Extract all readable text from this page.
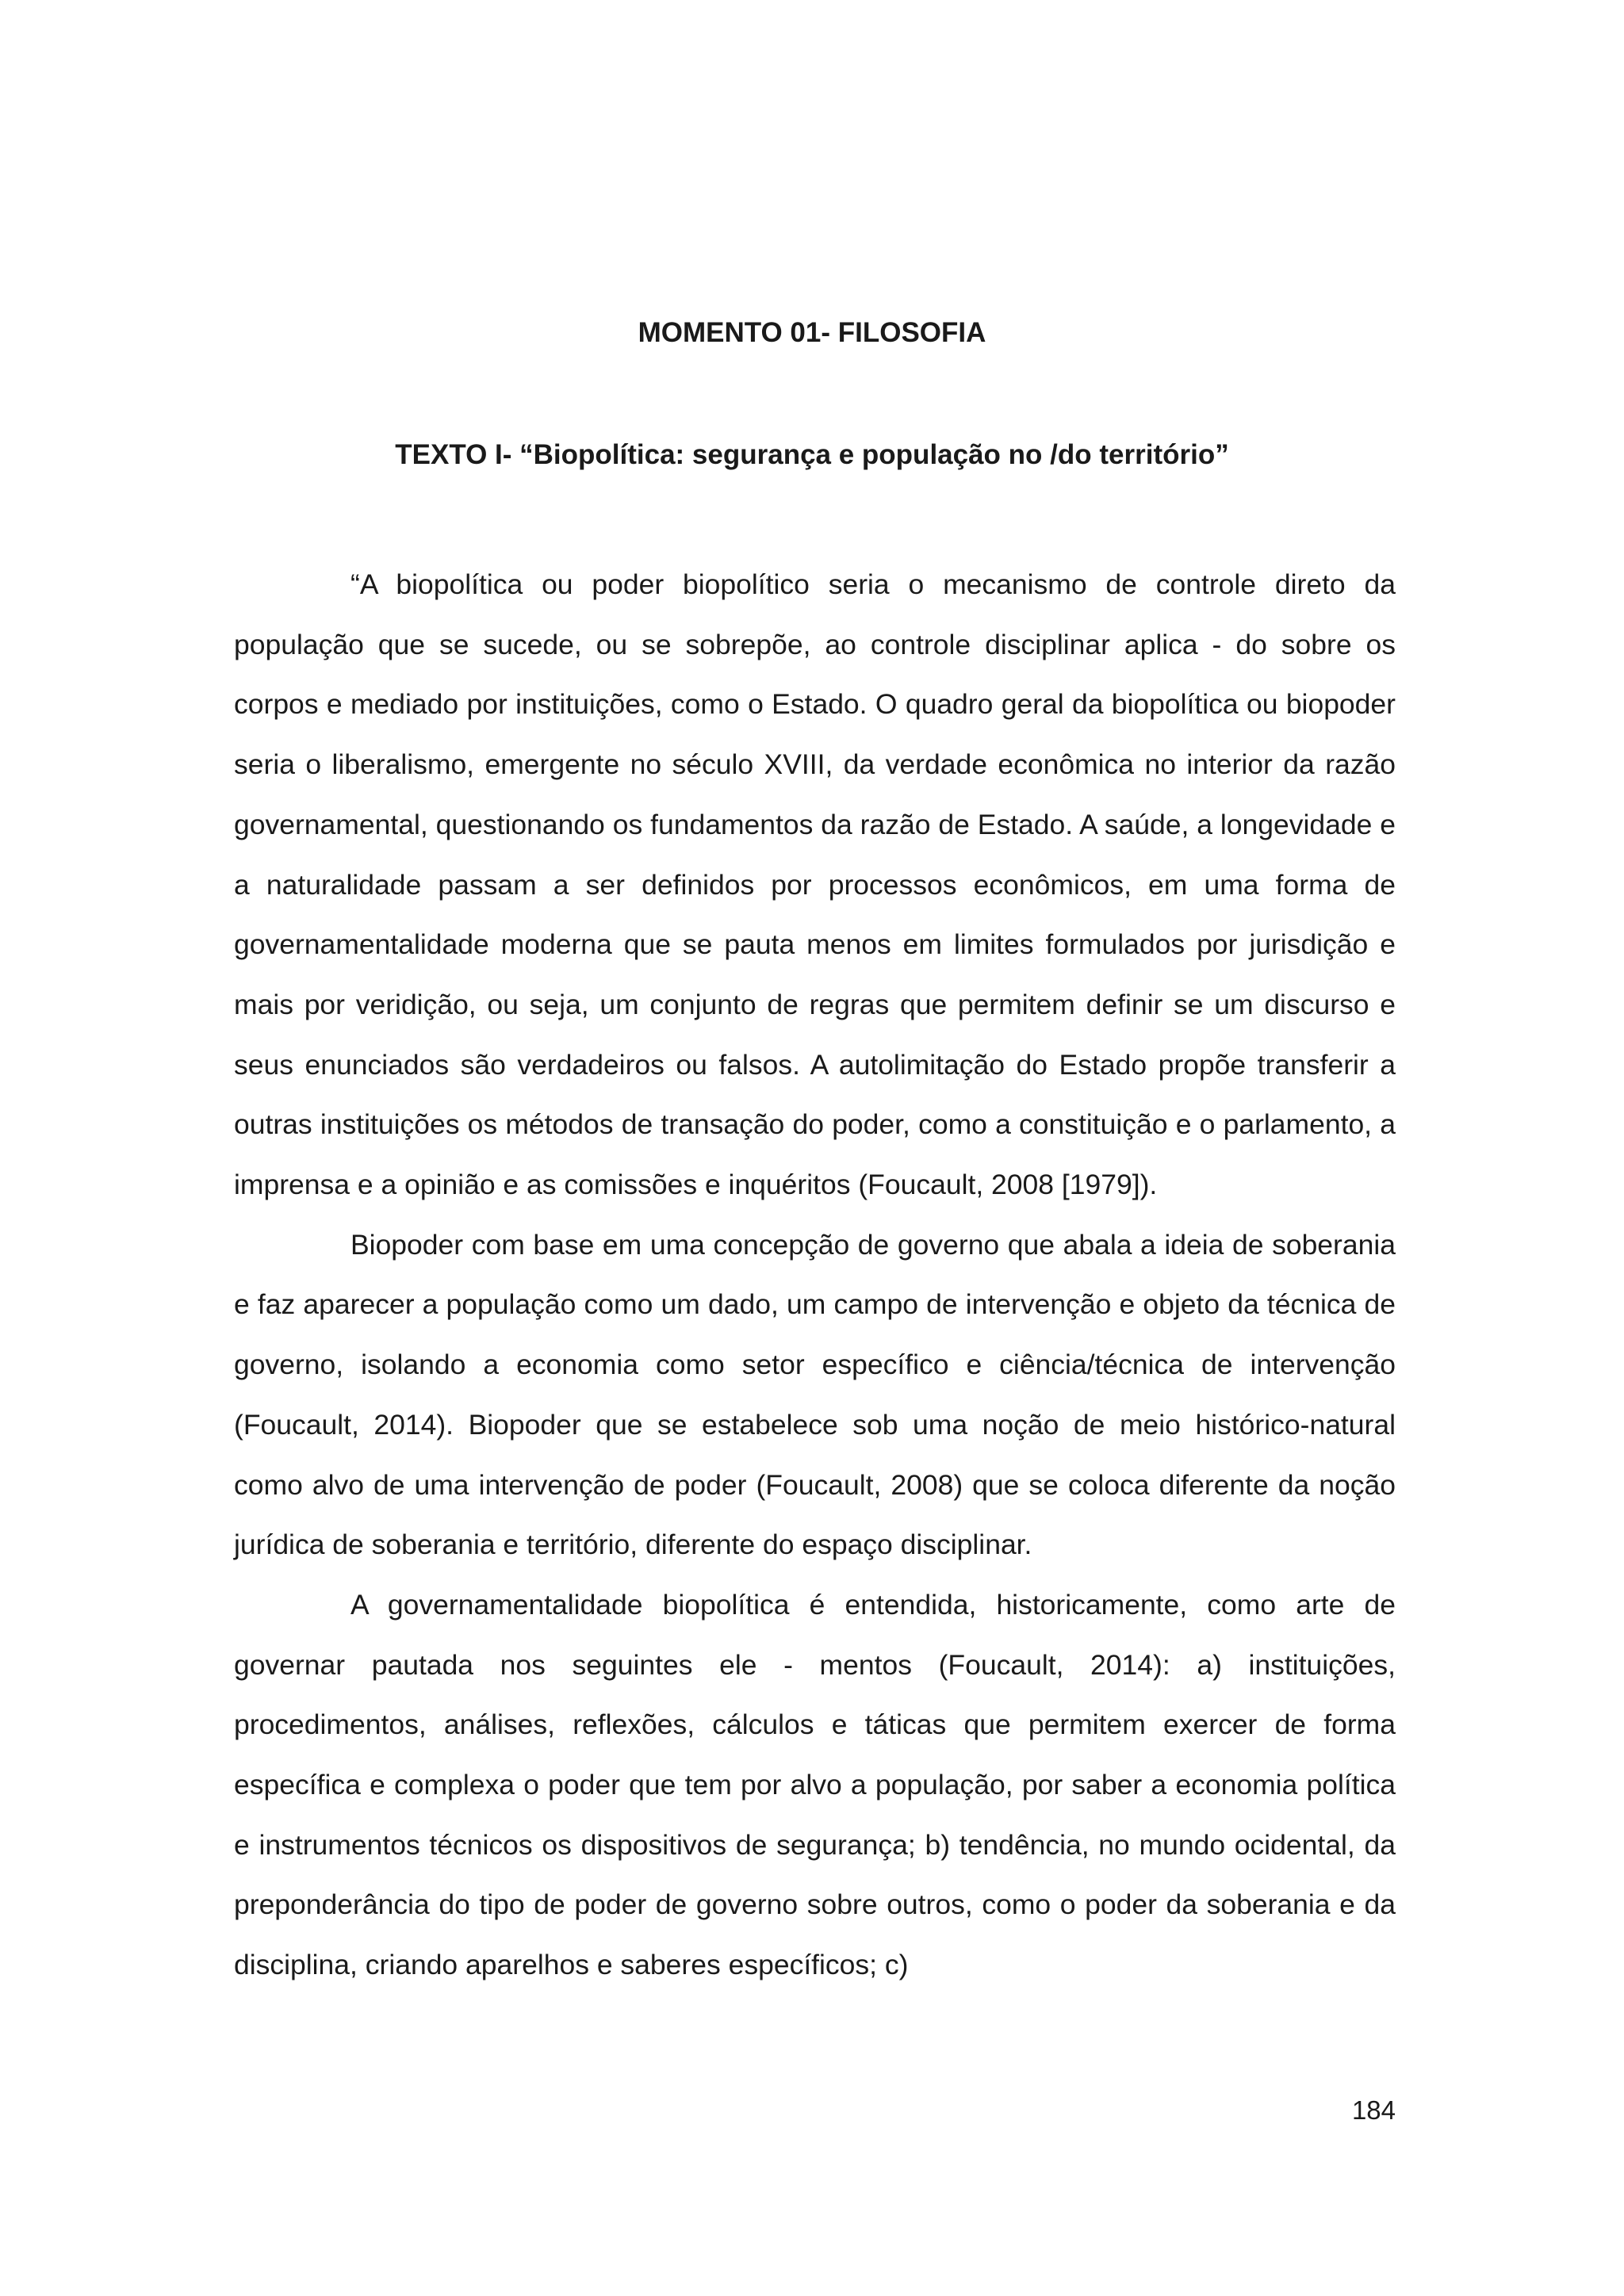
MOMENTO 01- FILOSOFIA
TEXTO I- “Biopolítica: segurança e população no /do território”

“A biopolítica ou poder biopolítico seria o mecanismo de controle direto da população que se sucede, ou se sobrepõe, ao controle disciplinar aplica - do sobre os corpos e mediado por instituições, como o Estado. O quadro geral da biopolítica ou biopoder seria o liberalismo, emergente no século XVIII, da verdade econômica no interior da razão governamental, questionando os fundamentos da razão de Estado. A saúde, a longevidade e a naturalidade passam a ser definidos por processos econômicos, em uma forma de governamentalidade moderna que se pauta menos em limites formulados por jurisdição e mais por veridição, ou seja, um conjunto de regras que permitem definir se um discurso e seus enunciados são verdadeiros ou falsos. A autolimitação do Estado propõe transferir a outras instituições os métodos de transação do poder, como a constituição e o parlamento, a imprensa e a opinião e as comissões e inquéritos (Foucault, 2008 [1979]).

Biopoder com base em uma concepção de governo que abala a ideia de soberania e faz aparecer a população como um dado, um campo de intervenção e objeto da técnica de governo, isolando a economia como setor específico e ciência/técnica de intervenção (Foucault, 2014). Biopoder que se estabelece sob uma noção de meio histórico-natural como alvo de uma intervenção de poder (Foucault, 2008) que se coloca diferente da noção jurídica de soberania e território, diferente do espaço disciplinar.

A governamentalidade biopolítica é entendida, historicamente, como arte de governar pautada nos seguintes ele - mentos (Foucault, 2014): a) instituições, procedimentos, análises, reflexões, cálculos e táticas que permitem exercer de forma específica e complexa o poder que tem por alvo a população, por saber a economia política e instrumentos técnicos os dispositivos de segurança; b) tendência, no mundo ocidental, da preponderância do tipo de poder de governo sobre outros, como o poder da soberania e da disciplina, criando aparelhos e saberes específicos; c)

184
